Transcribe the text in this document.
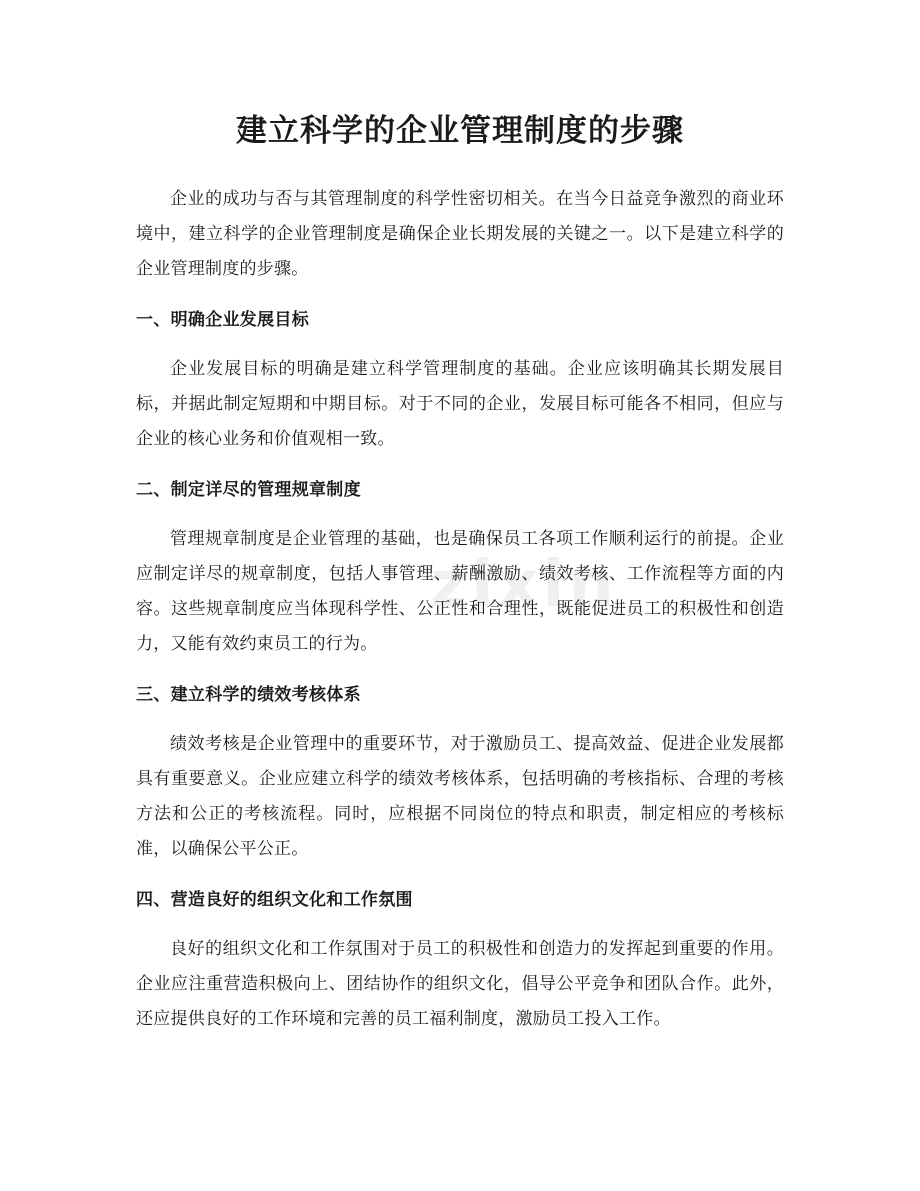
zixin
建立科学的企业管理制度的步骤

企业的成功与否与其管理制度的科学性密切相关。在当今日益竞争激烈的商业环境中，建立科学的企业管理制度是确保企业长期发展的关键之一。以下是建立科学的企业管理制度的步骤。

一、明确企业发展目标

企业发展目标的明确是建立科学管理制度的基础。企业应该明确其长期发展目标，并据此制定短期和中期目标。对于不同的企业，发展目标可能各不相同，但应与企业的核心业务和价值观相一致。

二、制定详尽的管理规章制度

管理规章制度是企业管理的基础，也是确保员工各项工作顺利运行的前提。企业应制定详尽的规章制度，包括人事管理、薪酬激励、绩效考核、工作流程等方面的内容。这些规章制度应当体现科学性、公正性和合理性，既能促进员工的积极性和创造力，又能有效约束员工的行为。

三、建立科学的绩效考核体系

绩效考核是企业管理中的重要环节，对于激励员工、提高效益、促进企业发展都具有重要意义。企业应建立科学的绩效考核体系，包括明确的考核指标、合理的考核方法和公正的考核流程。同时，应根据不同岗位的特点和职责，制定相应的考核标准，以确保公平公正。

四、营造良好的组织文化和工作氛围

良好的组织文化和工作氛围对于员工的积极性和创造力的发挥起到重要的作用。企业应注重营造积极向上、团结协作的组织文化，倡导公平竞争和团队合作。此外，还应提供良好的工作环境和完善的员工福利制度，激励员工投入工作。
